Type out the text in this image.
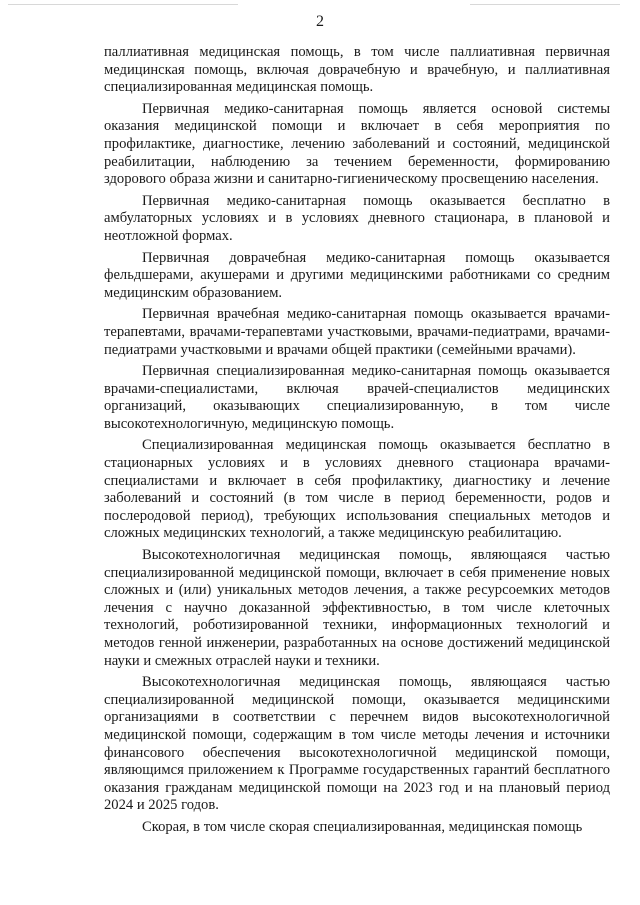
2

паллиативная медицинская помощь, в том числе паллиативная первичная медицинская помощь, включая доврачебную и врачебную, и паллиативная специализированная медицинская помощь.

Первичная медико-санитарная помощь является основой системы оказания медицинской помощи и включает в себя мероприятия по профилактике, диагностике, лечению заболеваний и состояний, медицинской реабилитации, наблюдению за течением беременности, формированию здорового образа жизни и санитарно-гигиеническому просвещению населения.

Первичная медико-санитарная помощь оказывается бесплатно в амбулаторных условиях и в условиях дневного стационара, в плановой и неотложной формах.

Первичная доврачебная медико-санитарная помощь оказывается фельдшерами, акушерами и другими медицинскими работниками со средним медицинским образованием.

Первичная врачебная медико-санитарная помощь оказывается врачами-терапевтами, врачами-терапевтами участковыми, врачами-педиатрами, врачами-педиатрами участковыми и врачами общей практики (семейными врачами).

Первичная специализированная медико-санитарная помощь оказывается врачами-специалистами, включая врачей-специалистов медицинских организаций, оказывающих специализированную, в том числе высокотехнологичную, медицинскую помощь.

Специализированная медицинская помощь оказывается бесплатно в стационарных условиях и в условиях дневного стационара врачами-специалистами и включает в себя профилактику, диагностику и лечение заболеваний и состояний (в том числе в период беременности, родов и послеродовой период), требующих использования специальных методов и сложных медицинских технологий, а также медицинскую реабилитацию.

Высокотехнологичная медицинская помощь, являющаяся частью специализированной медицинской помощи, включает в себя применение новых сложных и (или) уникальных методов лечения, а также ресурсоемких методов лечения с научно доказанной эффективностью, в том числе клеточных технологий, роботизированной техники, информационных технологий и методов генной инженерии, разработанных на основе достижений медицинской науки и смежных отраслей науки и техники.

Высокотехнологичная медицинская помощь, являющаяся частью специализированной медицинской помощи, оказывается медицинскими организациями в соответствии с перечнем видов высокотехнологичной медицинской помощи, содержащим в том числе методы лечения и источники финансового обеспечения высокотехнологичной медицинской помощи, являющимся приложением к Программе государственных гарантий бесплатного оказания гражданам медицинской помощи на 2023 год и на плановый период 2024 и 2025 годов.

Скорая, в том числе скорая специализированная, медицинская помощь
